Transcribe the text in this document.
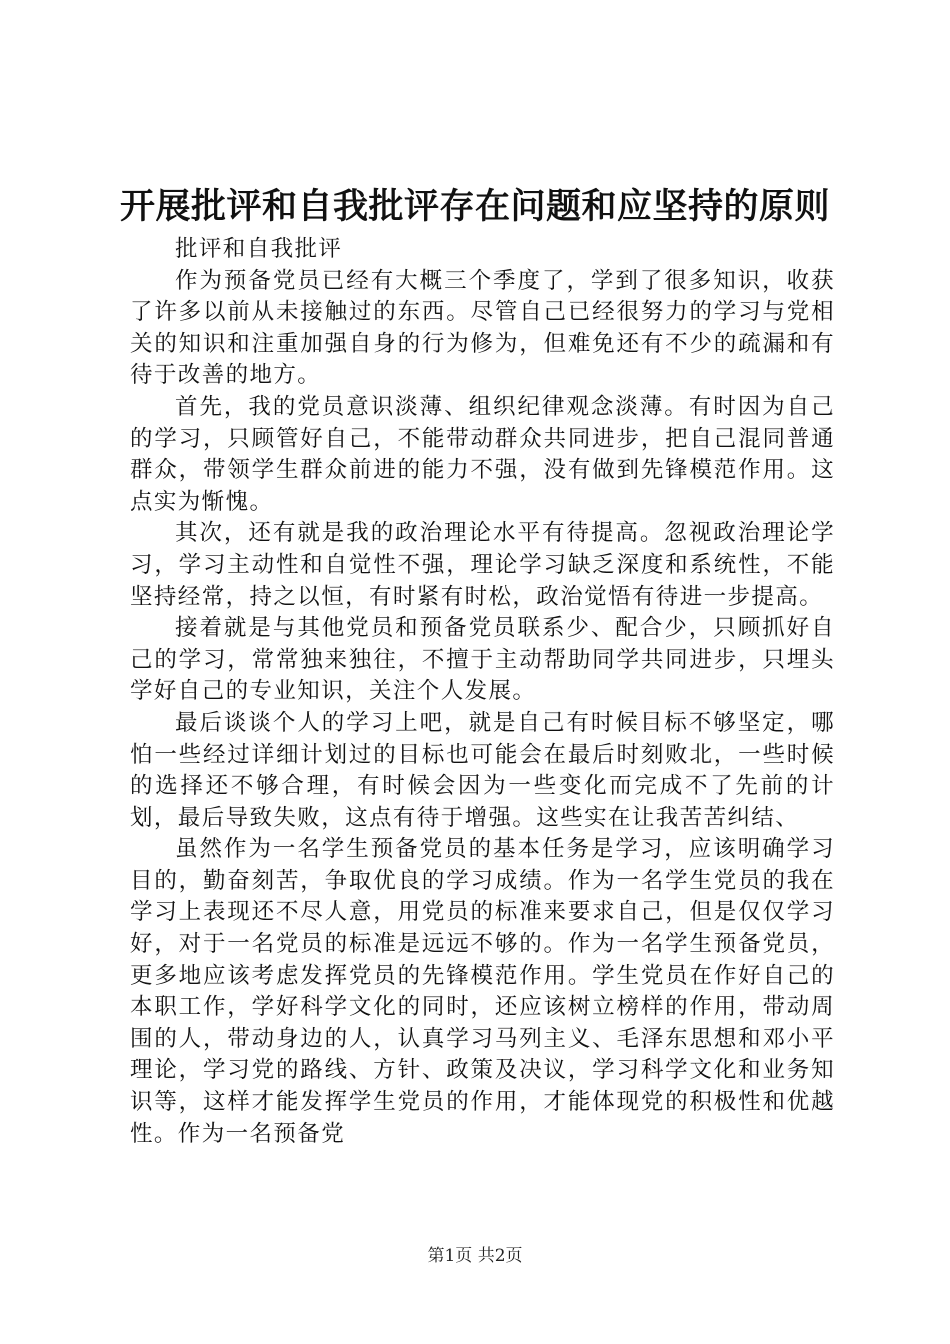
开展批评和自我批评存在问题和应坚持的原则

批评和自我批评

作为预备党员已经有大概三个季度了，学到了很多知识，收获了许多以前从未接触过的东西。尽管自己已经很努力的学习与党相关的知识和注重加强自身的行为修为，但难免还有不少的疏漏和有待于改善的地方。

首先，我的党员意识淡薄、组织纪律观念淡薄。有时因为自己的学习，只顾管好自己，不能带动群众共同进步，把自己混同普通群众，带领学生群众前进的能力不强，没有做到先锋模范作用。这点实为惭愧。

其次，还有就是我的政治理论水平有待提高。忽视政治理论学习，学习主动性和自觉性不强，理论学习缺乏深度和系统性，不能坚持经常，持之以恒，有时紧有时松，政治觉悟有待进一步提高。

接着就是与其他党员和预备党员联系少、配合少，只顾抓好自己的学习，常常独来独往，不擅于主动帮助同学共同进步，只埋头学好自己的专业知识，关注个人发展。

最后谈谈个人的学习上吧，就是自己有时候目标不够坚定，哪怕一些经过详细计划过的目标也可能会在最后时刻败北，一些时候的选择还不够合理，有时候会因为一些变化而完成不了先前的计划，最后导致失败，这点有待于增强。这些实在让我苦苦纠结、

虽然作为一名学生预备党员的基本任务是学习，应该明确学习目的，勤奋刻苦，争取优良的学习成绩。作为一名学生党员的我在学习上表现还不尽人意，用党员的标准来要求自己，但是仅仅学习好，对于一名党员的标准是远远不够的。作为一名学生预备党员，更多地应该考虑发挥党员的先锋模范作用。学生党员在作好自己的本职工作，学好科学文化的同时，还应该树立榜样的作用，带动周围的人，带动身边的人，认真学习马列主义、毛泽东思想和邓小平理论，学习党的路线、方针、政策及决议，学习科学文化和业务知识等，这样才能发挥学生党员的作用，才能体现党的积极性和优越性。作为一名预备党

第1页 共2页
